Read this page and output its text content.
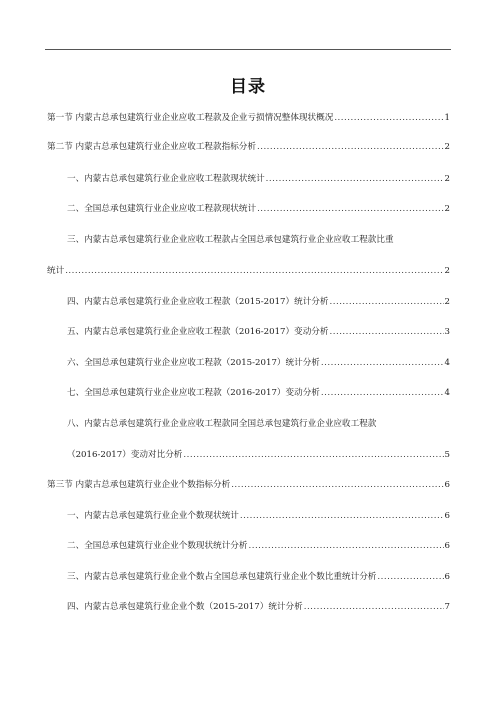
目录
第一节 内蒙古总承包建筑行业企业应收工程款及企业亏损情况整体现状概况 .....	1
第二节 内蒙古总承包建筑行业企业应收工程款指标分析 .....	2
一、内蒙古总承包建筑行业企业应收工程款现状统计 .....	2
二、全国总承包建筑行业企业应收工程款现状统计 .....	2
三、内蒙古总承包建筑行业企业应收工程款占全国总承包建筑行业企业应收工程款比重
统计 .....	2
四、内蒙古总承包建筑行业企业应收工程款（2015-2017）统计分析 .....	2
五、内蒙古总承包建筑行业企业应收工程款（2016-2017）变动分析 .....	3
六、全国总承包建筑行业企业应收工程款（2015-2017）统计分析 .....	4
七、全国总承包建筑行业企业应收工程款（2016-2017）变动分析 .....	4
八、内蒙古总承包建筑行业企业应收工程款同全国总承包建筑行业企业应收工程款
（2016-2017）变动对比分析 .....	5
第三节 内蒙古总承包建筑行业企业个数指标分析 .....	6
一、内蒙古总承包建筑行业企业个数现状统计 .....	6
二、全国总承包建筑行业企业个数现状统计分析 .....	6
三、内蒙古总承包建筑行业企业个数占全国总承包建筑行业企业个数比重统计分析 .....	6
四、内蒙古总承包建筑行业企业个数（2015-2017）统计分析 .....	7
